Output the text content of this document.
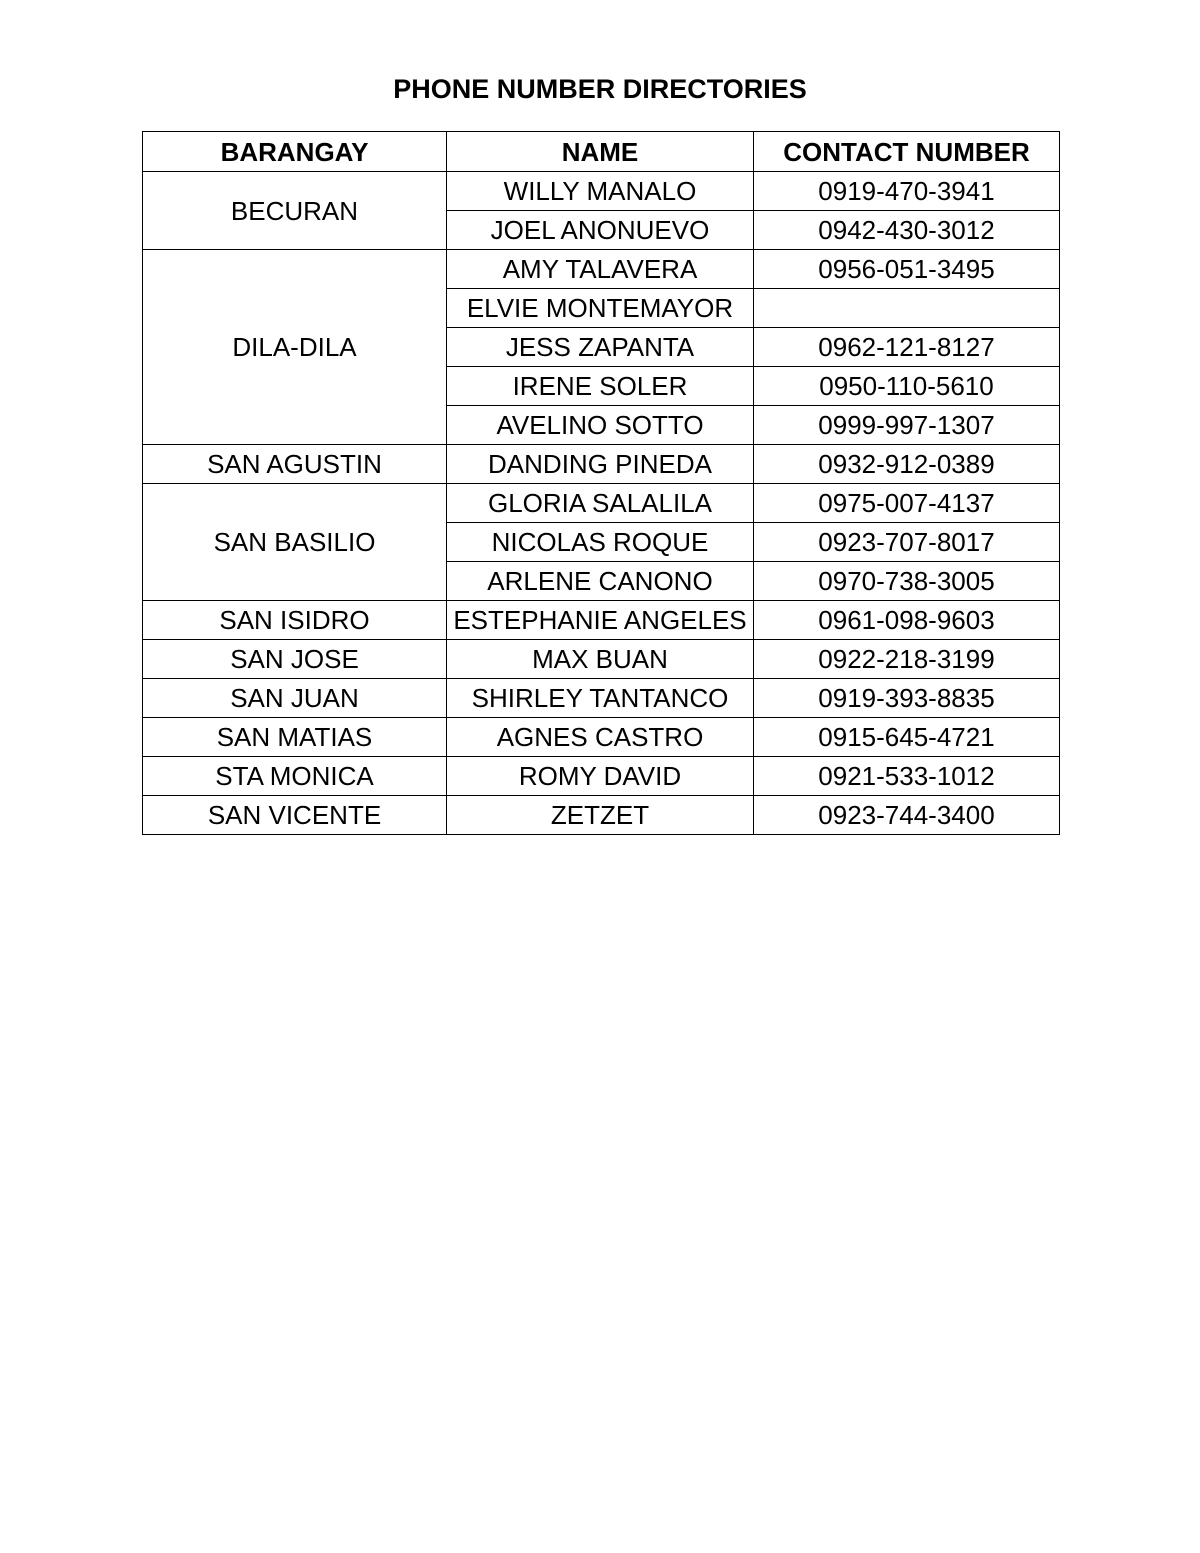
PHONE NUMBER DIRECTORIES
BARANGAY	NAME	CONTACT NUMBER
BECURAN	WILLY MANALO	0919-470-3941
	JOEL ANONUEVO	0942-430-3012
DILA-DILA	AMY TALAVERA	0956-051-3495
	ELVIE MONTEMAYOR	
	JESS ZAPANTA	0962-121-8127
	IRENE SOLER	0950-110-5610
	AVELINO SOTTO	0999-997-1307
SAN AGUSTIN	DANDING PINEDA	0932-912-0389
SAN BASILIO	GLORIA SALALILA	0975-007-4137
	NICOLAS ROQUE	0923-707-8017
	ARLENE CANONO	0970-738-3005
SAN ISIDRO	ESTEPHANIE ANGELES	0961-098-9603
SAN JOSE	MAX BUAN	0922-218-3199
SAN JUAN	SHIRLEY TANTANCO	0919-393-8835
SAN MATIAS	AGNES CASTRO	0915-645-4721
STA MONICA	ROMY DAVID	0921-533-1012
SAN VICENTE	ZETZET	0923-744-3400
